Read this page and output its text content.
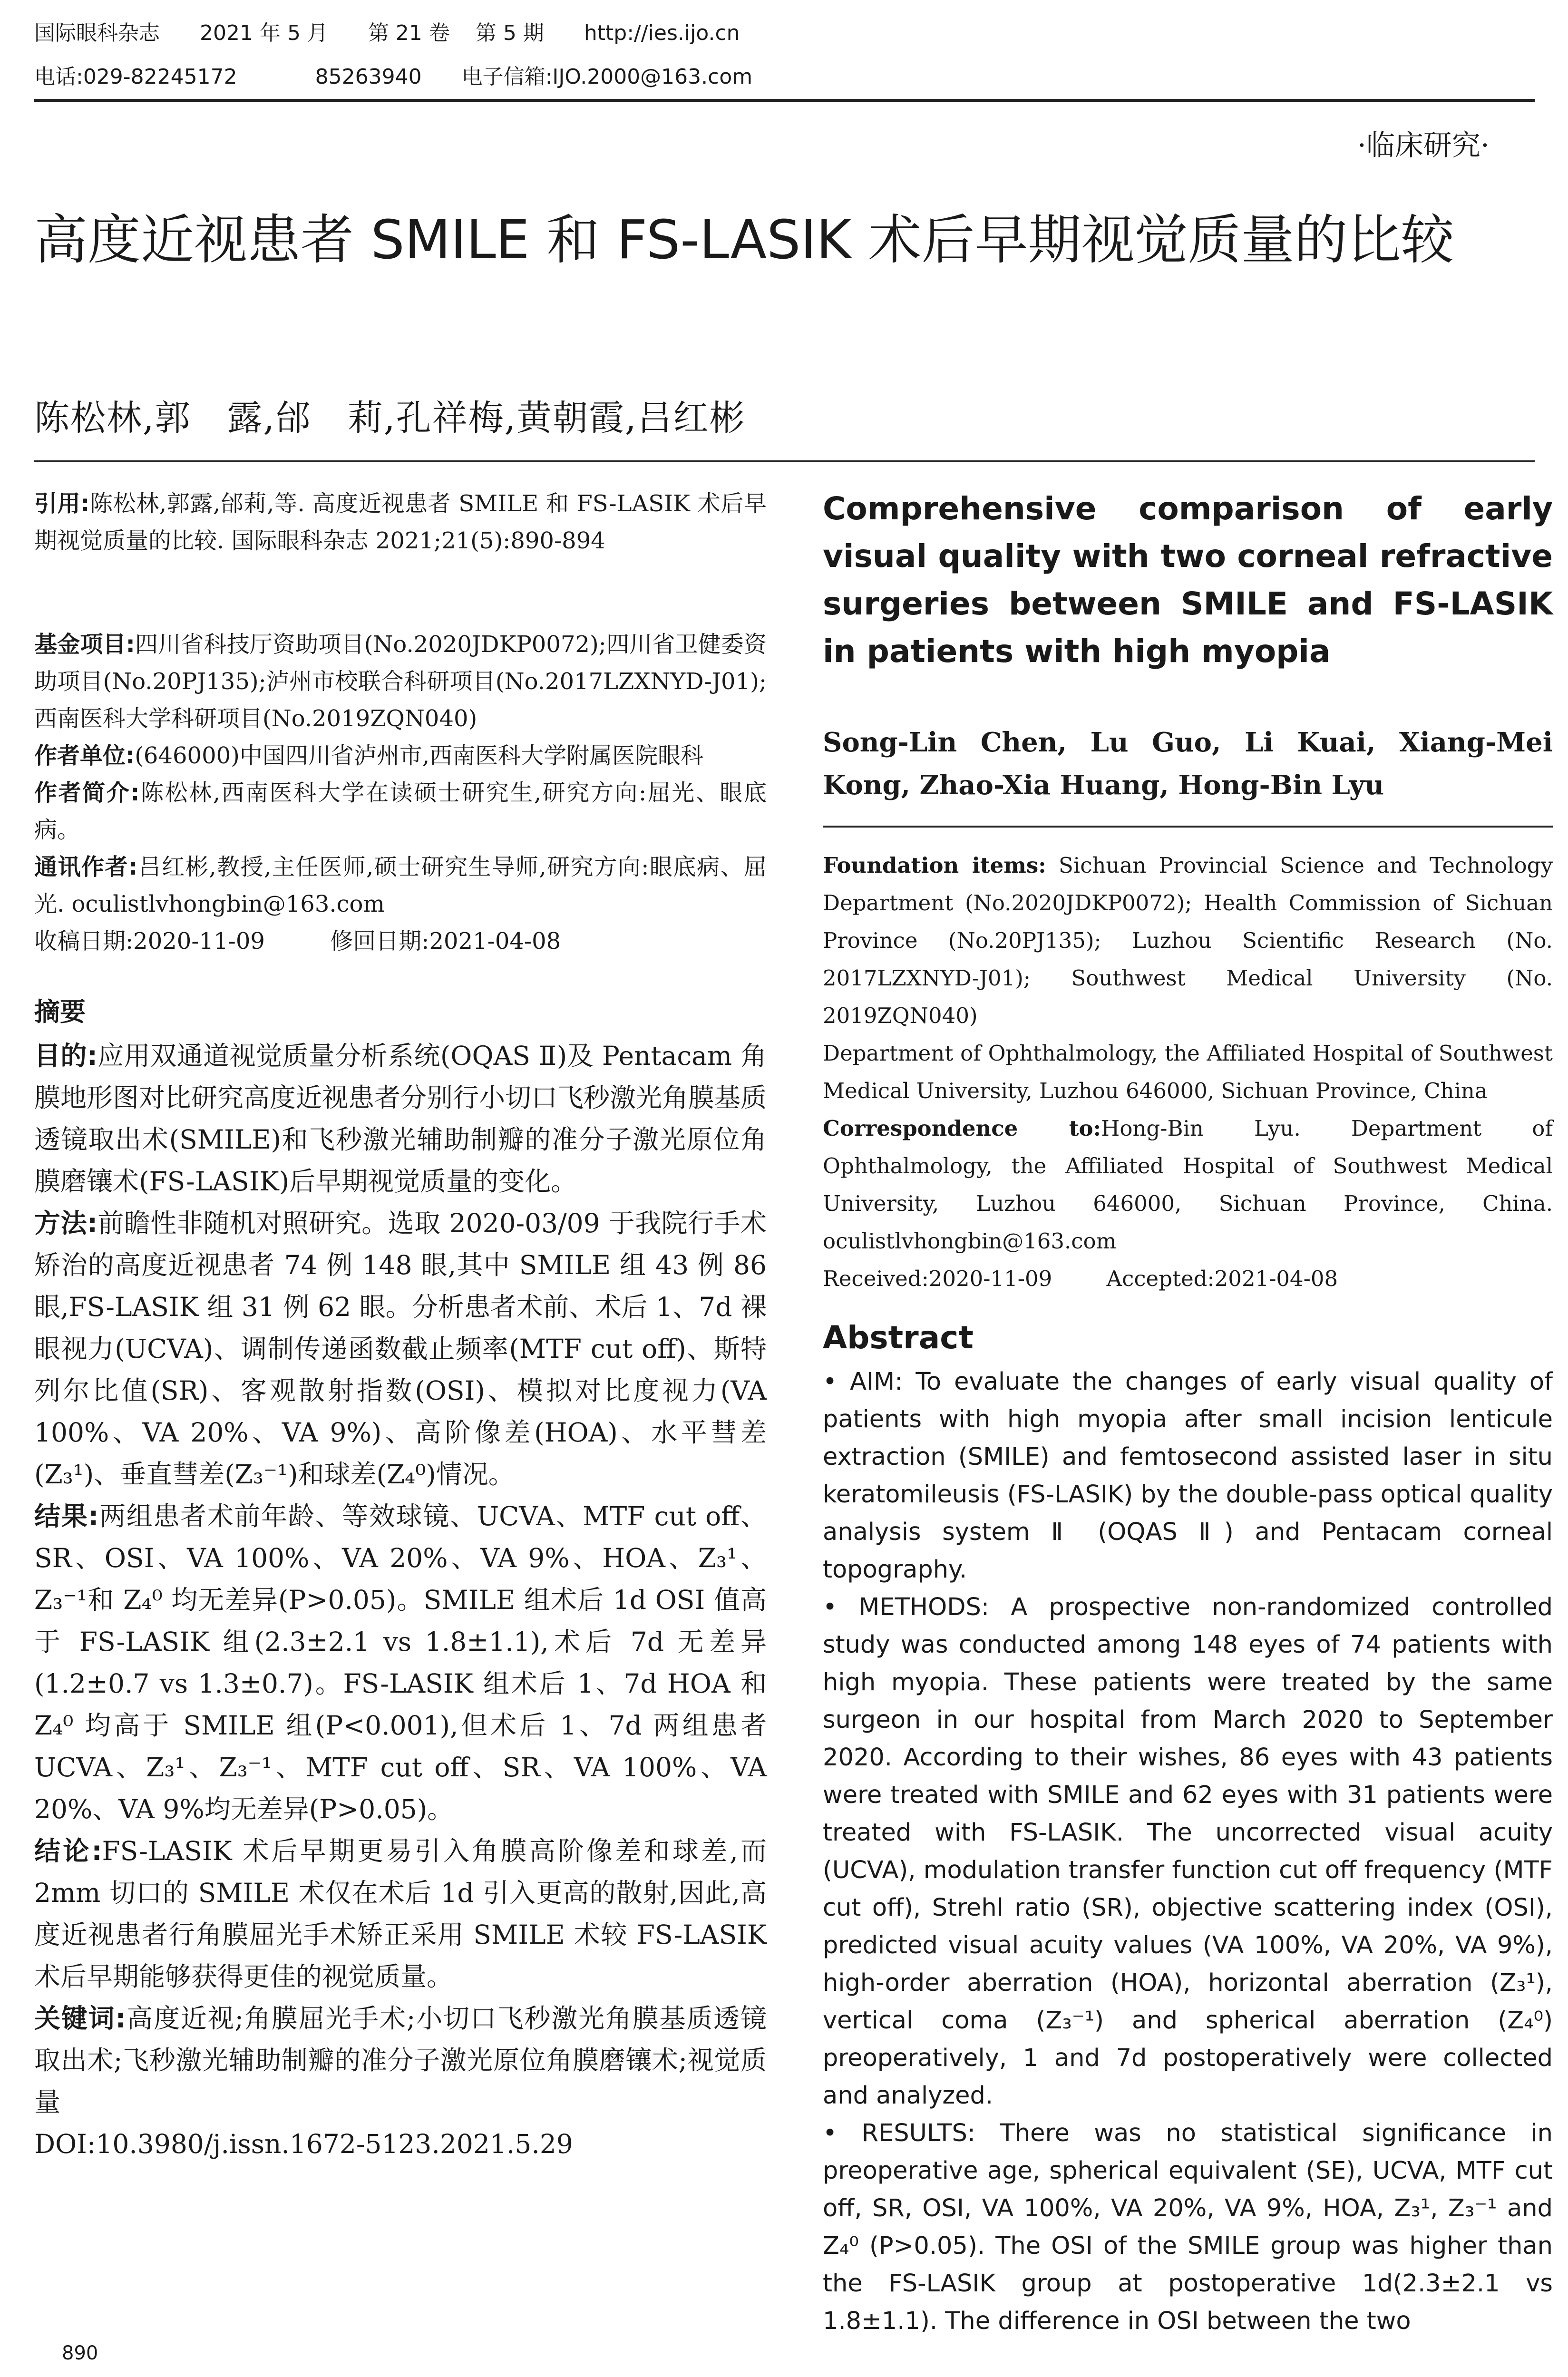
国际眼科杂志 2021 年 5 月 第 21 卷 第 5 期 http://ies.ijo.cn
电话:029-82245172	85263940 电子信箱:IJO.2000@163.com
·临床研究·
高度近视患者 SMILE 和 FS-LASIK 术后早期视觉质量的比较
陈松林,郭　露,邰　莉,孔祥梅,黄朝霞,吕红彬

引用:陈松林,郭露,邰莉,等. 高度近视患者 SMILE 和 FS-LASIK 术后早期视觉质量的比较. 国际眼科杂志 2021;21(5):890-894

基金项目:四川省科技厅资助项目(No.2020JDKP0072);四川省卫健委资助项目(No.20PJ135);泸州市校联合科研项目(No.2017LZXNYD-J01);西南医科大学科研项目(No.2019ZQN040)

作者单位:(646000)中国四川省泸州市,西南医科大学附属医院眼科

作者简介:陈松林,西南医科大学在读硕士研究生,研究方向:屈光、眼底病。

通讯作者:吕红彬,教授,主任医师,硕士研究生导师,研究方向:眼底病、屈光. oculistlvhongbin@163.com

收稿日期:2020-11-09	修回日期:2021-04-08

摘要

目的:应用双通道视觉质量分析系统(OQAS Ⅱ)及 Pentacam 角膜地形图对比研究高度近视患者分别行小切口飞秒激光角膜基质透镜取出术(SMILE)和飞秒激光辅助制瓣的准分子激光原位角膜磨镶术(FS-LASIK)后早期视觉质量的变化。

方法:前瞻性非随机对照研究。选取 2020-03/09 于我院行手术矫治的高度近视患者 74 例 148 眼,其中 SMILE 组 43 例 86 眼,FS-LASIK 组 31 例 62 眼。分析患者术前、术后 1、7d 裸眼视力(UCVA)、调制传递函数截止频率(MTF cut off)、斯特列尔比值(SR)、客观散射指数(OSI)、模拟对比度视力(VA 100%、VA 20%、VA 9%)、高阶像差(HOA)、水平彗差(Z₃¹)、垂直彗差(Z₃⁻¹)和球差(Z₄⁰)情况。

结果:两组患者术前年龄、等效球镜、UCVA、MTF cut off、SR、OSI、VA 100%、VA 20%、VA 9%、HOA、Z₃¹、Z₃⁻¹和 Z₄⁰ 均无差异(P>0.05)。SMILE 组术后 1d OSI 值高于 FS-LASIK 组(2.3±2.1 vs 1.8±1.1),术后 7d 无差异(1.2±0.7 vs 1.3±0.7)。FS-LASIK 组术后 1、7d HOA 和 Z₄⁰ 均高于 SMILE 组(P<0.001),但术后 1、7d 两组患者 UCVA、Z₃¹、Z₃⁻¹、MTF cut off、SR、VA 100%、VA 20%、VA 9%均无差异(P>0.05)。

结论:FS-LASIK 术后早期更易引入角膜高阶像差和球差,而 2mm 切口的 SMILE 术仅在术后 1d 引入更高的散射,因此,高度近视患者行角膜屈光手术矫正采用 SMILE 术较 FS-LASIK 术后早期能够获得更佳的视觉质量。

关键词:高度近视;角膜屈光手术;小切口飞秒激光角膜基质透镜取出术;飞秒激光辅助制瓣的准分子激光原位角膜磨镶术;视觉质量

DOI:10.3980/j.issn.1672-5123.2021.5.29

Comprehensive comparison of early visual quality with two corneal refractive surgeries between SMILE and FS-LASIK in patients with high myopia

Song-Lin Chen, Lu Guo, Li Kuai, Xiang-Mei Kong, Zhao-Xia Huang, Hong-Bin Lyu

Foundation items: Sichuan Provincial Science and Technology Department (No.2020JDKP0072); Health Commission of Sichuan Province (No.20PJ135); Luzhou Scientific Research (No. 2017LZXNYD-J01); Southwest Medical University (No. 2019ZQN040)

Department of Ophthalmology, the Affiliated Hospital of Southwest Medical University, Luzhou 646000, Sichuan Province, China

Correspondence to:Hong-Bin Lyu. Department of Ophthalmology, the Affiliated Hospital of Southwest Medical University, Luzhou 646000, Sichuan Province, China. oculistlvhongbin@163.com

Received:2020-11-09	Accepted:2021-04-08

Abstract

• AIM: To evaluate the changes of early visual quality of patients with high myopia after small incision lenticule extraction (SMILE) and femtosecond assisted laser in situ keratomileusis (FS-LASIK) by the double-pass optical quality analysis system Ⅱ (OQAS Ⅱ) and Pentacam corneal topography.

• METHODS: A prospective non-randomized controlled study was conducted among 148 eyes of 74 patients with high myopia. These patients were treated by the same surgeon in our hospital from March 2020 to September 2020. According to their wishes, 86 eyes with 43 patients were treated with SMILE and 62 eyes with 31 patients were treated with FS-LASIK. The uncorrected visual acuity (UCVA), modulation transfer function cut off frequency (MTF cut off), Strehl ratio (SR), objective scattering index (OSI), predicted visual acuity values (VA 100%, VA 20%, VA 9%), high-order aberration (HOA), horizontal aberration (Z₃¹), vertical coma (Z₃⁻¹) and spherical aberration (Z₄⁰) preoperatively, 1 and 7d postoperatively were collected and analyzed.

• RESULTS: There was no statistical significance in preoperative age, spherical equivalent (SE), UCVA, MTF cut off, SR, OSI, VA 100%, VA 20%, VA 9%, HOA, Z₃¹, Z₃⁻¹ and Z₄⁰ (P>0.05). The OSI of the SMILE group was higher than the FS-LASIK group at postoperative 1d(2.3±2.1 vs 1.8±1.1). The difference in OSI between the two

890
